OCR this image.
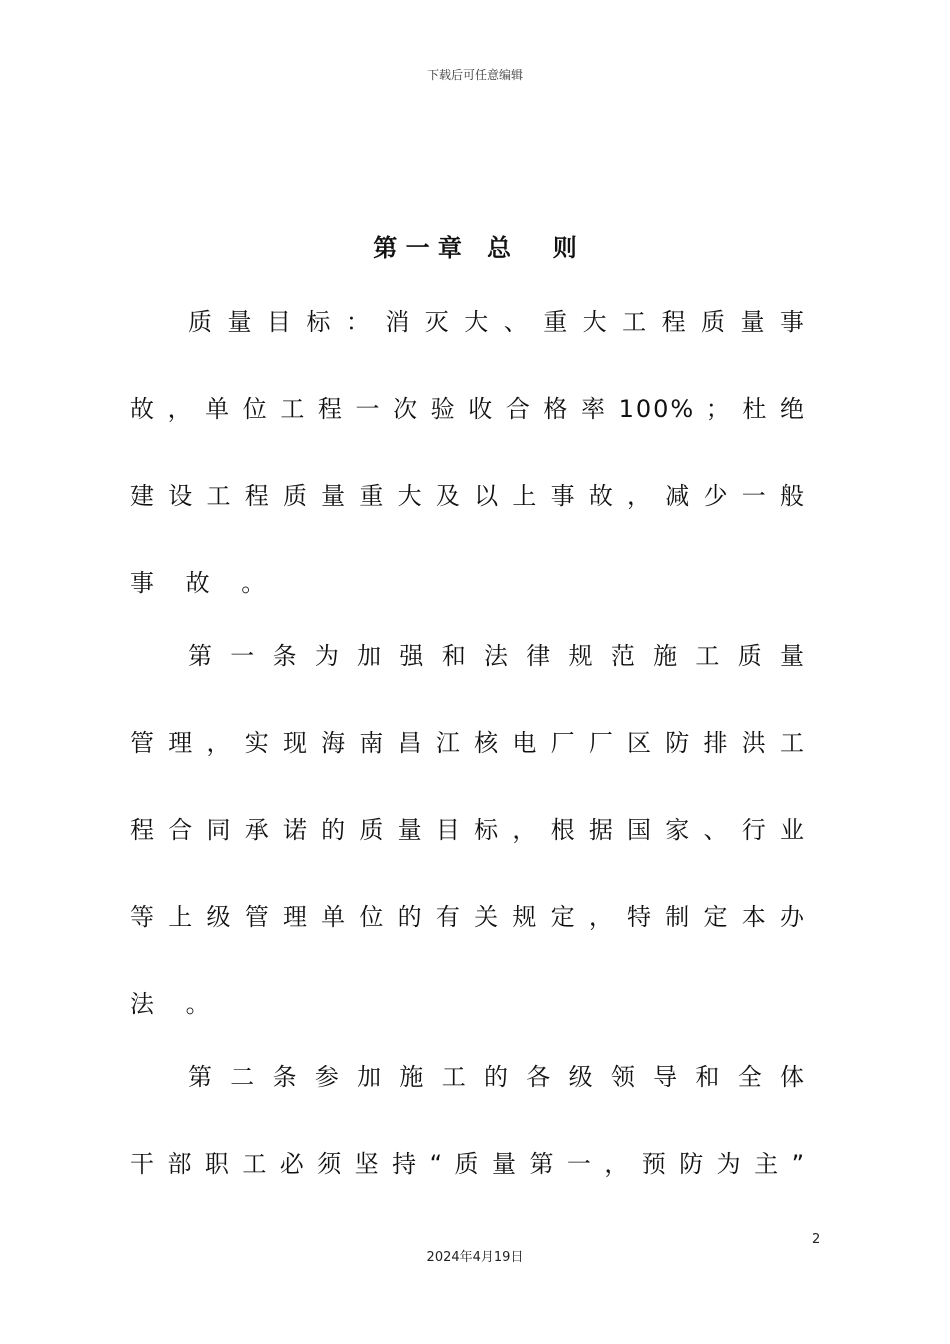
下载后可任意编辑
第 一 章   总     则
质 量 目 标 ： 消 灭 大 、 重 大 工 程 质 量 事
故 ， 单 位 工 程 一 次 验 收 合 格 率 100% ； 杜 绝
建 设 工 程 质 量 重 大 及 以 上 事 故 ， 减 少 一 般
事 故 。
第 一 条 为 加 强 和 法 律 规 范 施 工 质 量
管 理 ， 实 现 海 南 昌 江 核 电 厂 厂 区 防 排 洪 工
程 合 同 承 诺 的 质 量 目 标 ， 根 据 国 家 、 行 业
等 上 级 管 理 单 位 的 有 关 规 定 ， 特 制 定 本 办
法 。
第 二 条 参 加 施 工 的 各 级 领 导 和 全 体
干 部 职 工 必 须 坚 持 “ 质 量 第 一 ， 预 防 为 主 ”
2
2024年4月19日
